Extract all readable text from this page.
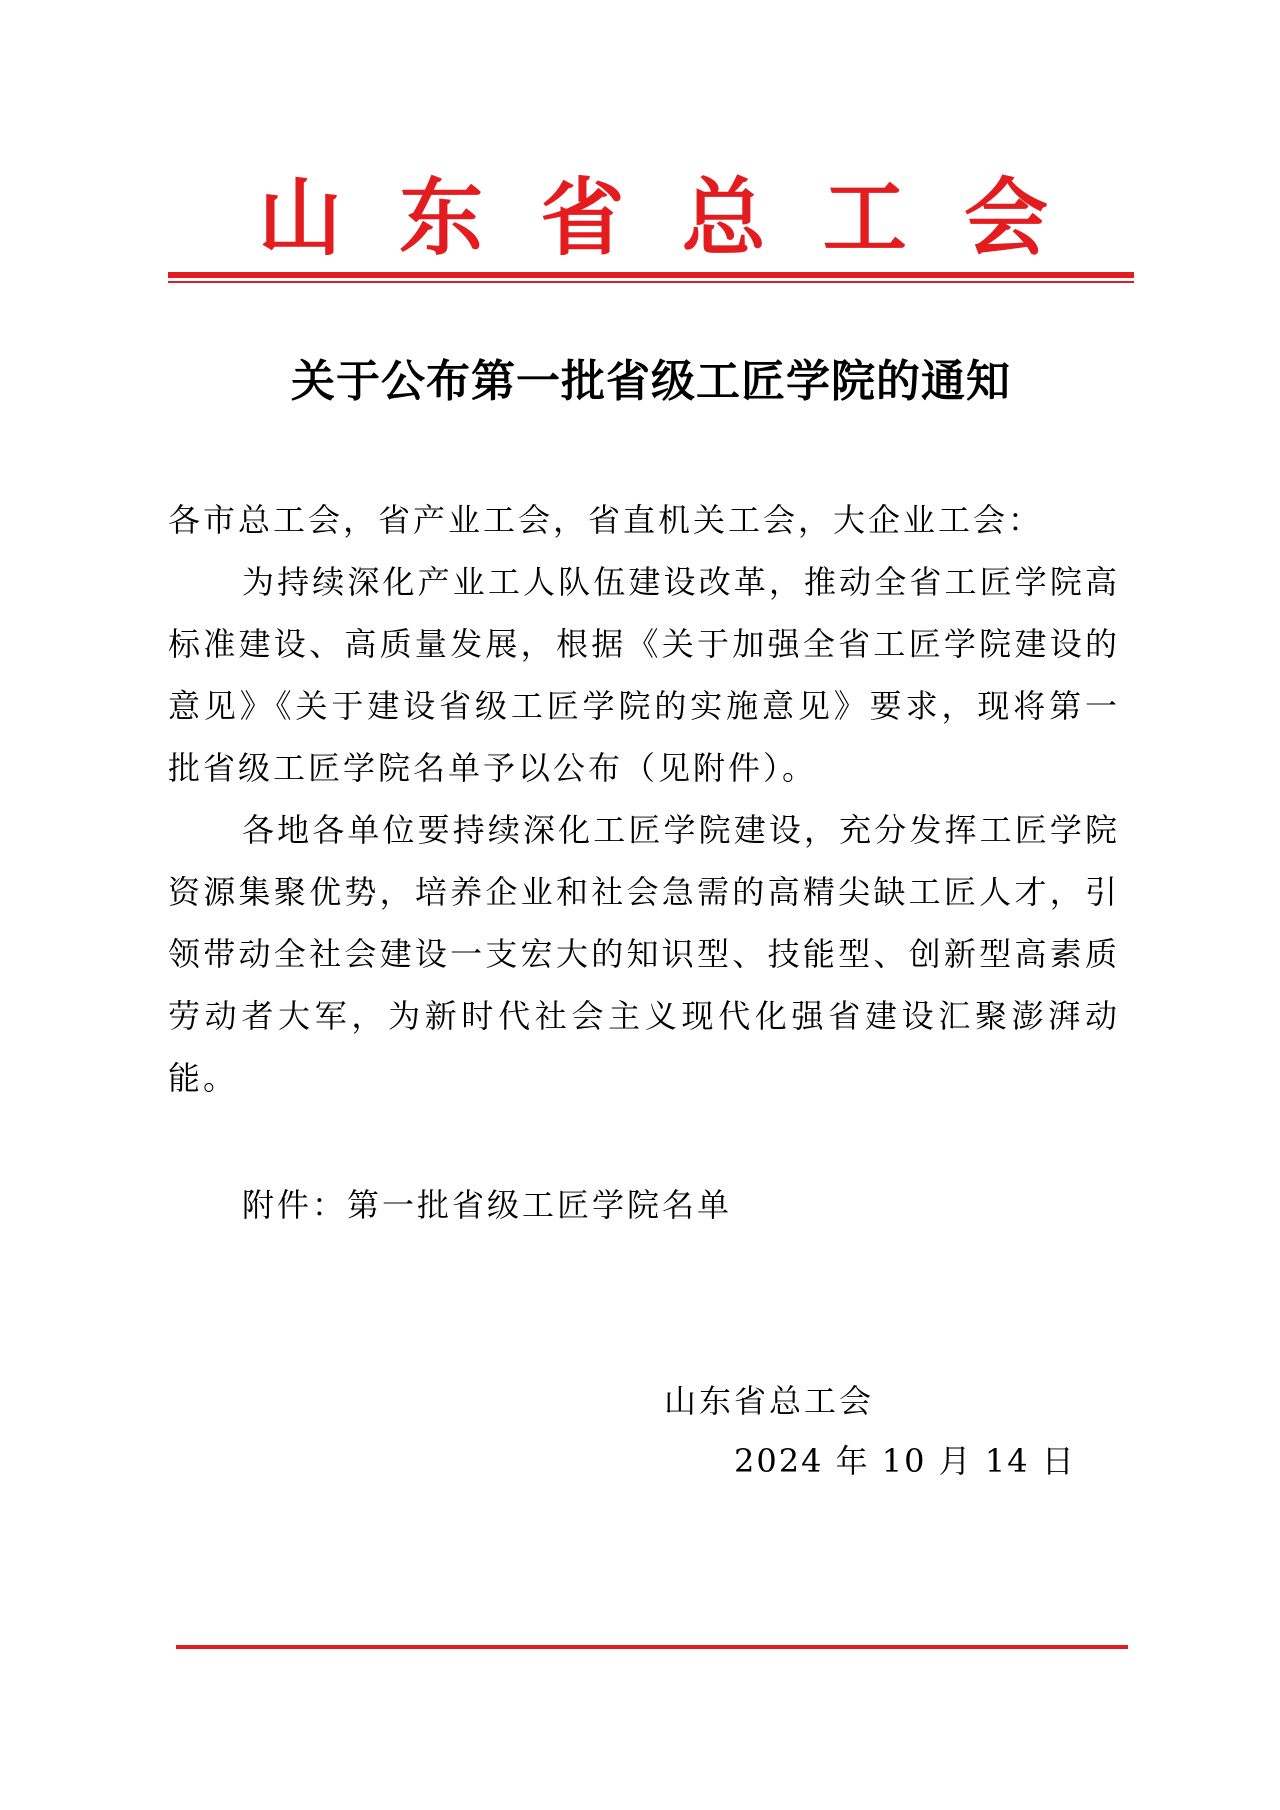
山 东 省 总 工 会
关于公布第一批省级工匠学院的通知

各市总工会，省产业工会，省直机关工会，大企业工会：

为持续深化产业工人队伍建设改革，推动全省工匠学院高标准建设、高质量发展，根据《关于加强全省工匠学院建设的意见》《关于建设省级工匠学院的实施意见》要求，现将第一批省级工匠学院名单予以公布（见附件）。

各地各单位要持续深化工匠学院建设，充分发挥工匠学院资源集聚优势，培养企业和社会急需的高精尖缺工匠人才，引领带动全社会建设一支宏大的知识型、技能型、创新型高素质劳动者大军，为新时代社会主义现代化强省建设汇聚澎湃动能。

附件：第一批省级工匠学院名单
山东省总工会
2024 年 10 月 14 日
